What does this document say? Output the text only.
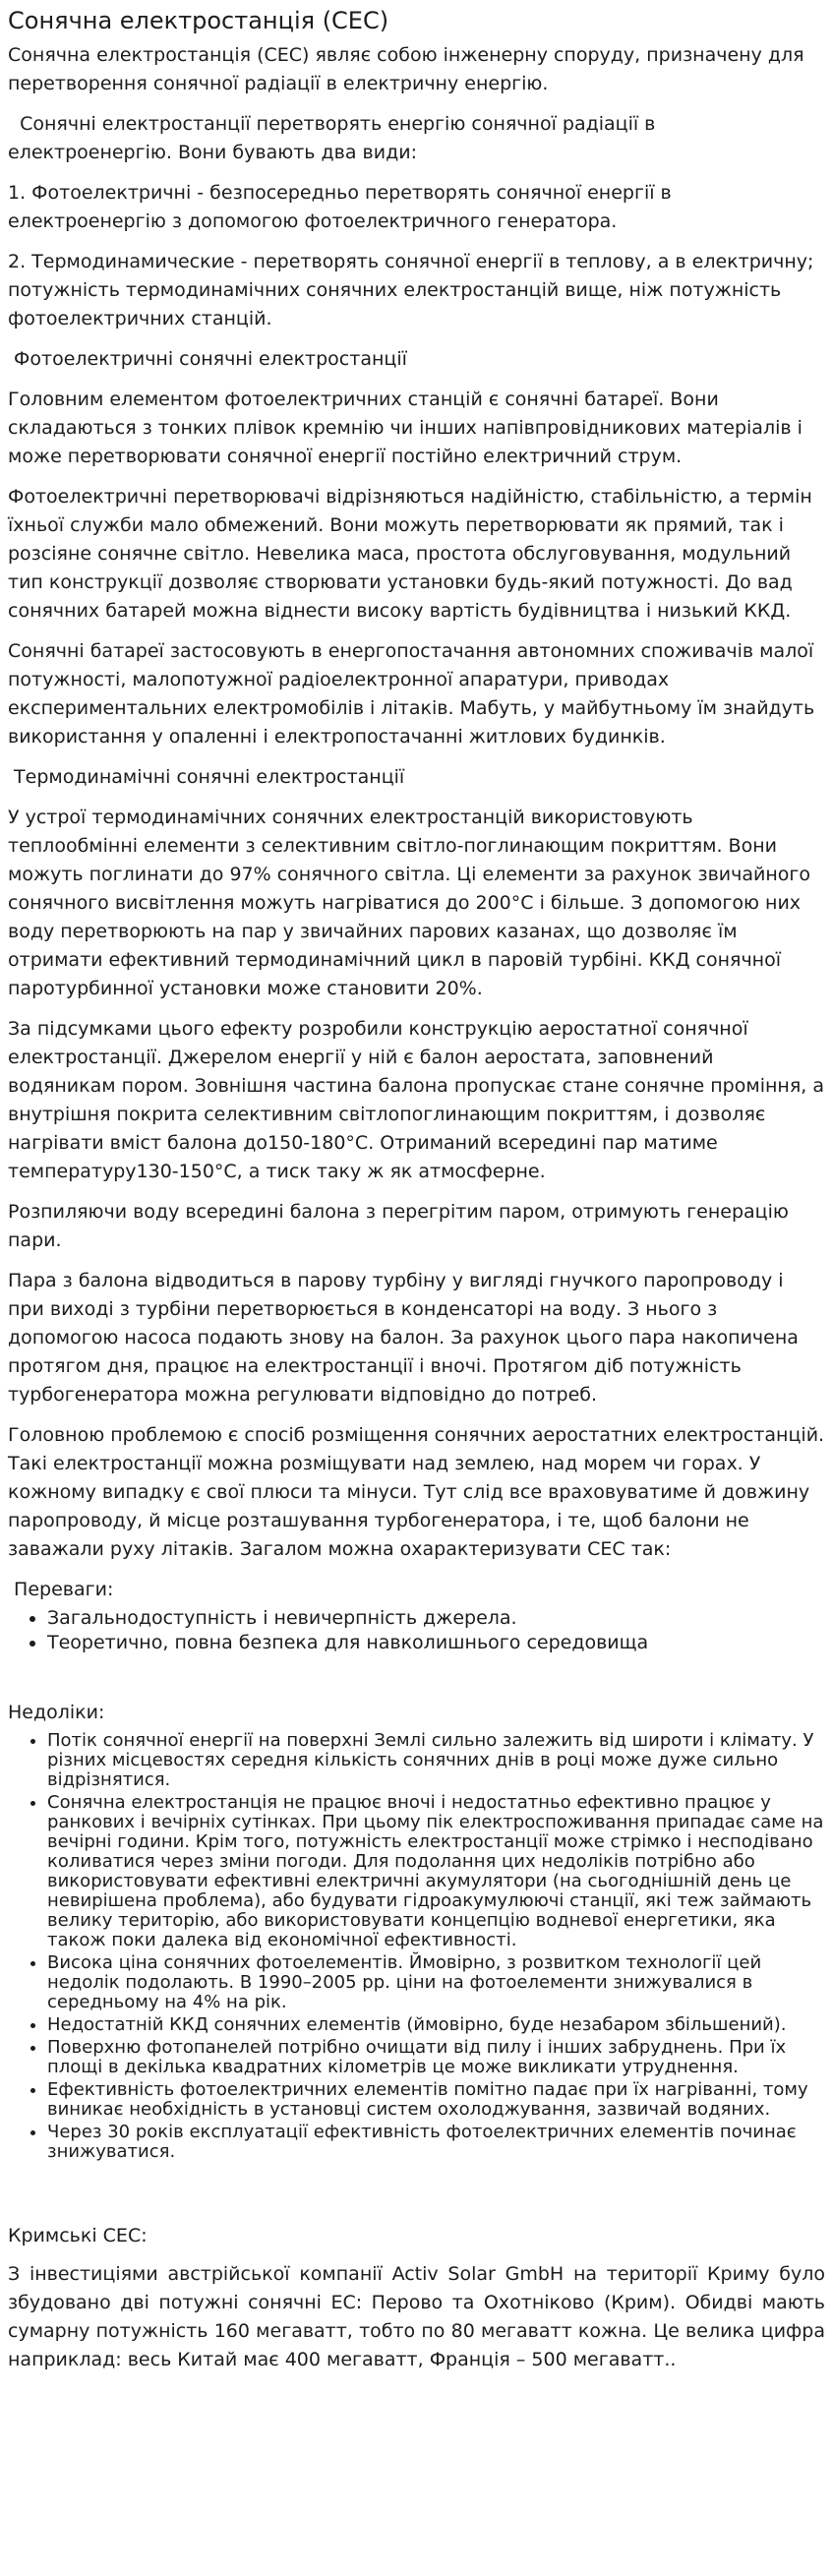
Сонячна електростанція (СЕС)

Сонячна електростанція (СЕС) являє собою інженерну споруду, призначену для перетворення сонячної радіації в електричну енергію.

Сонячні електростанції перетворять енергію сонячної радіації в електроенергію. Вони бувають два види:

1. Фотоелектричні - безпосередньо перетворять сонячної енергії в електроенергію з допомогою фотоелектричного генератора.

2. Термодинамические - перетворять сонячної енергії в теплову, а в електричну; потужність термодинамічних сонячних електростанцій вище, ніж потужність фотоелектричних станцій.

Фотоелектричні сонячні електростанції

Головним елементом фотоелектричних станцій є сонячні батареї. Вони складаються з тонких плівок кремнію чи інших напівпровідникових матеріалів і може перетворювати сонячної енергії постійно електричний струм.

Фотоелектричні перетворювачі відрізняються надійністю, стабільністю, а термін їхньої служби мало обмежений. Вони можуть перетворювати як прямий, так і розсіяне сонячне світло. Невелика маса, простота обслуговування, модульний тип конструкції дозволяє створювати установки будь-який потужності. До вад сонячних батарей можна віднести високу вартість будівництва і низький ККД.

Сонячні батареї застосовують в енергопостачання автономних споживачів малої потужності, малопотужної радіоелектронної апаратури, приводах експериментальних електромобілів і літаків. Мабуть, у майбутньому їм знайдуть використання у опаленні і електропостачанні житлових будинків.

Термодинамічні сонячні електростанції

У устрої термодинамічних сонячних електростанцій використовують теплообмінні елементи з селективним світло-поглинающим покриттям. Вони можуть поглинати до 97% сонячного світла. Ці елементи за рахунок звичайного сонячного висвітлення можуть нагріватися до 200°С і більше. З допомогою них воду перетворюють на пар у звичайних парових казанах, що дозволяє їм отримати ефективний термодинамічний цикл в паровій турбіні. ККД сонячної паротурбинної установки може становити 20%.

За підсумками цього ефекту розробили конструкцію аеростатної сонячної електростанції. Джерелом енергії у ній є балон аеростата, заповнений водяникам пором. Зовнішня частина балона пропускає стане сонячне проміння, а внутрішня покрита селективним світлопоглинающим покриттям, і дозволяє нагрівати вміст балона до150-180°С. Отриманий всередині пар матиме температуру130-150°С, а тиск таку ж як атмосферне.

Розпиляючи воду всередині балона з перегрітим паром, отримують генерацію пари.

Пара з балона відводиться в парову турбіну у вигляді гнучкого паропроводу і при виході з турбіни перетворюється в конденсаторі на воду. З нього з допомогою насоса подають знову на балон. За рахунок цього пара накопичена протягом дня, працює на електростанції і вночі. Протягом діб потужність турбогенератора можна регулювати відповідно до потреб.

Головною проблемою є спосіб розміщення сонячних аеростатних електростанцій. Такі електростанції можна розміщувати над землею, над морем чи горах. У кожному випадку є свої плюси та мінуси. Тут слід все враховуватиме й довжину паропроводу, й місце розташування турбогенератора, і те, щоб балони не заважали руху літаків. Загалом можна охарактеризувати СЕС так:

Переваги:
• Загальнодоступність і невичерпність джерела.
• Теоретично, повна безпека для навколишнього середовища
Недоліки:
• Потік сонячної енергії на поверхні Землі сильно залежить від широти і клімату. У різних місцевостях середня кількість сонячних днів в році може дуже сильно відрізнятися.
• Сонячна електростанція не працює вночі і недостатньо ефективно працює у ранкових і вечірніх сутінках. При цьому пік електроспоживання припадає саме на вечірні години. Крім того, потужність електростанції може стрімко і несподівано коливатися через зміни погоди. Для подолання цих недоліків потрібно або використовувати ефективні електричні акумулятори (на сьогоднішній день це невирішена проблема), або будувати гідроакумулюючі станції, які теж займають велику територію, або використовувати концепцію водневої енергетики, яка також поки далека від економічної ефективності.
• Висока ціна сонячних фотоелементів. Ймовірно, з розвитком технології цей недолік подолають. В 1990–2005 рр. ціни на фотоелементи знижувалися в середньому на 4% на рік.
• Недостатній ККД сонячних елементів (ймовірно, буде незабаром збільшений).
• Поверхню фотопанелей потрібно очищати від пилу і інших забруднень. При їх площі в декілька квадратних кілометрів це може викликати утруднення.
• Ефективність фотоелектричних елементів помітно падає при їх нагріванні, тому виникає необхідність в установці систем охолоджування, зазвичай водяних.
• Через 30 років експлуатації ефективність фотоелектричних елементів починає знижуватися.

Кримські СЕС:

З інвестиціями австрійської компанії Activ Solar GmbH на території Криму було збудовано дві потужні сонячні ЕС: Перово та Охотніково (Крим). Обидві мають сумарну потужність 160 мегаватт, тобто по 80 мегаватт кожна. Це велика цифра наприклад: весь Китай має 400 мегаватт, Франція – 500 мегаватт..
